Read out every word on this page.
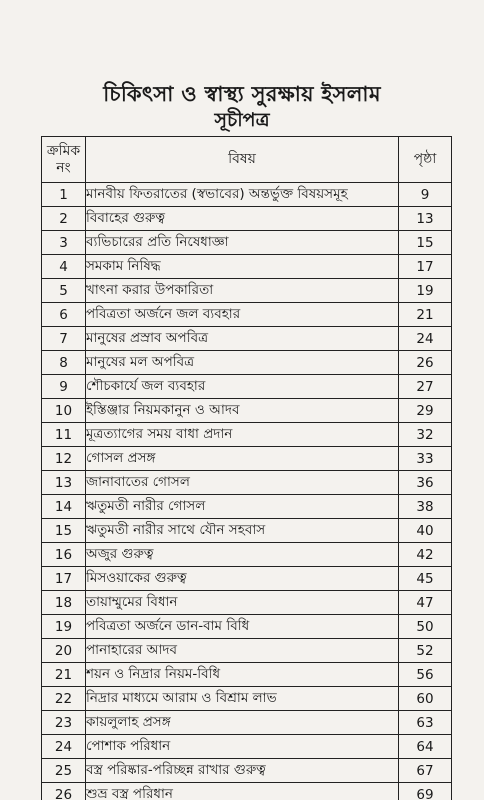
চিকিৎসা ও স্বাস্থ্য সুরক্ষায় ইসলাম
সূচীপত্র
ক্রমিক
নং	বিষয়	পৃষ্ঠা
1	মানবীয় ফিতরাতের (স্বভাবের) অন্তর্ভুক্ত বিষয়সমূহ	9
2	বিবাহের গুরুত্ব	13
3	ব্যভিচারের প্রতি নিষেধাজ্ঞা	15
4	সমকাম নিষিদ্ধ	17
5	খাৎনা করার উপকারিতা	19
6	পবিত্রতা অর্জনে জল ব্যবহার	21
7	মানুষের প্রস্রাব অপবিত্র	24
8	মানুষের মল অপবিত্র	26
9	শৌচকার্যে জল ব্যবহার	27
10	ইস্তিঞ্জার নিয়মকানুন ও আদব	29
11	মূত্রত্যাগের সময় বাধা প্রদান	32
12	গোসল প্রসঙ্গ	33
13	জানাবাতের গোসল	36
14	ঋতুমতী নারীর গোসল	38
15	ঋতুমতী নারীর সাথে যৌন সহবাস	40
16	অজুর গুরুত্ব	42
17	মিসওয়াকের গুরুত্ব	45
18	তায়াম্মুমের বিধান	47
19	পবিত্রতা অর্জনে ডান-বাম বিধি	50
20	পানাহারের আদব	52
21	শয়ন ও নিদ্রার নিয়ম-বিধি	56
22	নিদ্রার মাধ্যমে আরাম ও বিশ্রাম লাভ	60
23	কায়লুলাহ প্রসঙ্গ	63
24	পোশাক পরিধান	64
25	বস্ত্র পরিষ্কার-পরিচ্ছন্ন রাখার গুরুত্ব	67
26	শুভ্র বস্ত্র পরিধান	69
